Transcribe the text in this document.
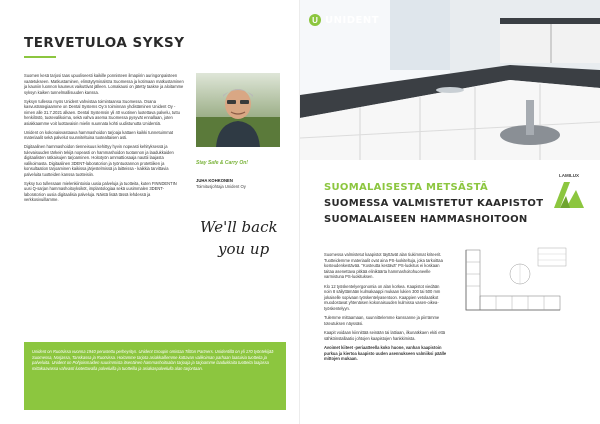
TERVETULOA SYKSY

Suomen kesä tarjosi taas upuoliseesti kaikille ponnisteen ilmapiirin auringonpaisteen vaatetukseen. Matkustaminen, elimäytyminalstra Suomessa ja kotimaan matkustaminen ja kauniin luonnon kauneus vaikuttivat jälleen. Lomakausi on jätetty taakse ja aloitamme syksyn kaiken tunnelmallisuuden kanssa.

Syksyn tullessa myös Unident vahvistaa toimintaansa Suomessa. Osana kasvustrategiaamme on Dental Systems Oy:n toiminnan yhdistäminen Unident Oy -nimen alle 31.7.2021 alkaen. Dental Systemsin yli 40 vuotinen luotettava palvelu, tuttu henkilöstö, tuotevalikoima, sekä vahva asema Suomessa pysyvät ennallaan, joten asiakkaamme voit luottavaisin mielin suunnata kohti uudistunutta Unidentiä.

Unident on kokonaisvastaava hammashoidon tarjoaja kattaen kaikki tunnetuimmat materiaalit sekä palvelut suunniteltuina tuotealtaisen asti.

Digitaalinen hammashoidon tienneisuus kehittyy hyvin nopeasti kehityksessä ja tulevaisuuden tärkein tekijä nopeasti on hammashoidon tuotannon ja laadukkaiden digitaalisten ratkaisujen tarjoaminen. Hoitotyön ammattiosaaja nauttii laajasta valikoimasta. Digitaalinen 3DENT-laboratorion ja työntuotannon protettiiken ja konsultaation tarjoaminen kaikissa järjestelmissä ja laitteissa - kaikkia tarvittavia palveluita tuotteiden kanssa tuotteisiin.

Syksy tuo tullessaan mielenkiintoisia uusia palveluja ja tuotteita, kuten FINNDENTIN uusi Q-sarjan hammashoitoyksiköt, implantologiaa sekä uusimmalen 3DENT-laboratorion uusia digitaalisia palveluja. Näistä lisää tässä lehdessä ja verkkosivuillamme.

Stay Safe & Carry On!
JUHA KOHKONEN
Toimitusjohtaja Unident Oy
We'll back
you up

Unident on Ruotsissa vuonna 1940 perustettu perheyritys. Unident Groupin omistaa Tiltton Partners. Unidentillä on yli 170 työntekijää Suomessa, Norjassa, Tanskassa ja Ruotsissa. Hoitamme tarjota asiakkaillemme kattavan valikoiman parhaan laatuisia tuotteita ja palveluita. Unident on Pohjoismaiden suurimmista itsenäinen hammashoitoalan tarjoaja ja tarjoamme laadukkaita tuotteita laajassa mittakaavassa vahvasti luotettavalla palveluilla ja tuotteilla ja asiakaspalvelulla alan tarjontaan.

U UNIDENT
SUOMALAISESTA METSÄSTÄ
SUOMESSA VALMISTETUT KAAPISTOT
SUOMALAISEEN HAMMASHOITOON
LAMILUX

Suomessa valmistetut kaapistot täyttävät alan tiukimmat kriteerit. Tuotteidemme materiaalit ovat aina PS-luokiteltuja, joka tarkoittaa kosteudenkestävää. "Kosteutta kestävä" PS-luokitus ei koskaan taitaa asenettava pitkää elinikäärta hammashoitohuoneelle varmistuna PS-luokituksen.

Klo 12 työskentelyergonomia on alan korkea. Kaapistot viedään noin 8 säilyttämään kulmakaappi mukaan lukien 300 tai 500 mm jokaiselle sopivaan työskentelyasentoon. Kaappien vetolaatikot muodostavat yhtenäisen kokonaisuuden kulmissa vasen-oikea-työskentelyyn.

Tulemme mittaamaan, suunnittelemme kanssanne ja piirrämme toteutuksen näyssäsi.

Kaapit voidaan kiinnittää seinään tai lattiaan, ilkunatkkaen ekiti että sähköinstallaatio johtojen kaapistojen hankkimista.

Avoimet kiiteet -periaatteella koko huone, vanhan kaapistoin purkua ja kiertoa kaapisto uuden asennukseen valmiiksi päälle mittojen mukaan.
